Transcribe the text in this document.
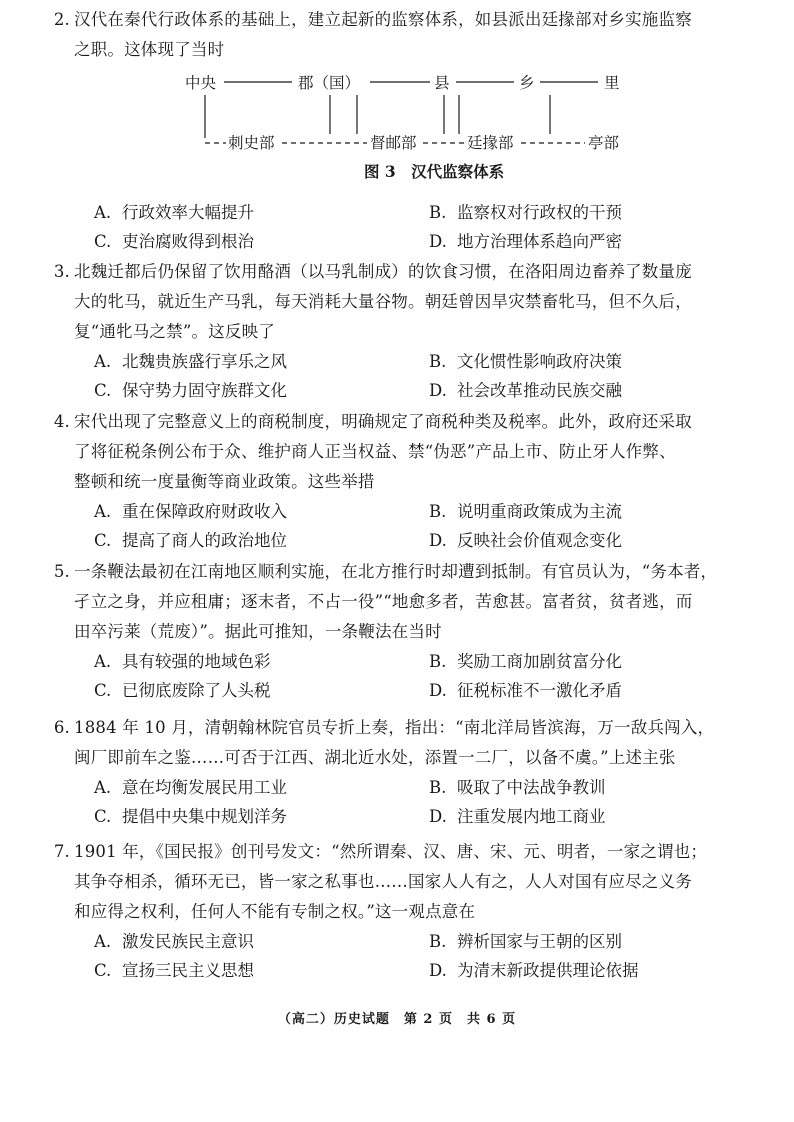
2. 汉代在秦代行政体系的基础上，建立起新的监察体系，如县派出廷掾部对乡实施监察
之职。这体现了当时
中央	郡（国）	县	乡	里
刺史部	督邮部	廷掾部	亭部
图 3　汉代监察体系
A. 行政效率大幅提升	B. 监察权对行政权的干预
C. 吏治腐败得到根治	D. 地方治理体系趋向严密
3. 北魏迁都后仍保留了饮用酪酒（以马乳制成）的饮食习惯，在洛阳周边畜养了数量庞
大的牝马，就近生产马乳，每天消耗大量谷物。朝廷曾因旱灾禁畜牝马，但不久后，
复“通牝马之禁”。这反映了
A. 北魏贵族盛行享乐之风	B. 文化惯性影响政府决策
C. 保守势力固守族群文化	D. 社会改革推动民族交融
4. 宋代出现了完整意义上的商税制度，明确规定了商税种类及税率。此外，政府还采取
了将征税条例公布于众、维护商人正当权益、禁“伪恶”产品上市、防止牙人作弊、
整顿和统一度量衡等商业政策。这些举措
A. 重在保障政府财政收入	B. 说明重商政策成为主流
C. 提高了商人的政治地位	D. 反映社会价值观念变化
5. 一条鞭法最初在江南地区顺利实施，在北方推行时却遭到抵制。有官员认为，“务本者，
孑立之身，并应租庸；逐末者，不占一役”“地愈多者，苦愈甚。富者贫，贫者逃，而
田卒污莱（荒废）”。据此可推知，一条鞭法在当时
A. 具有较强的地域色彩	B. 奖励工商加剧贫富分化
C. 已彻底废除了人头税	D. 征税标准不一激化矛盾
6. 1884 年 10 月，清朝翰林院官员专折上奏，指出：“南北洋局皆滨海，万一敌兵闯入，
闽厂即前车之鉴……可否于江西、湖北近水处，添置一二厂，以备不虞。”上述主张
A. 意在均衡发展民用工业	B. 吸取了中法战争教训
C. 提倡中央集中规划洋务	D. 注重发展内地工商业
7. 1901 年，《国民报》创刊号发文：“然所谓秦、汉、唐、宋、元、明者，一家之谓也；
其争夺相杀，循环无已，皆一家之私事也……国家人人有之，人人对国有应尽之义务
和应得之权利，任何人不能有专制之权。”这一观点意在
A. 激发民族民主意识	B. 辨析国家与王朝的区别
C. 宣扬三民主义思想	D. 为清末新政提供理论依据
（高二）历史试题　第 2 页　共 6 页
